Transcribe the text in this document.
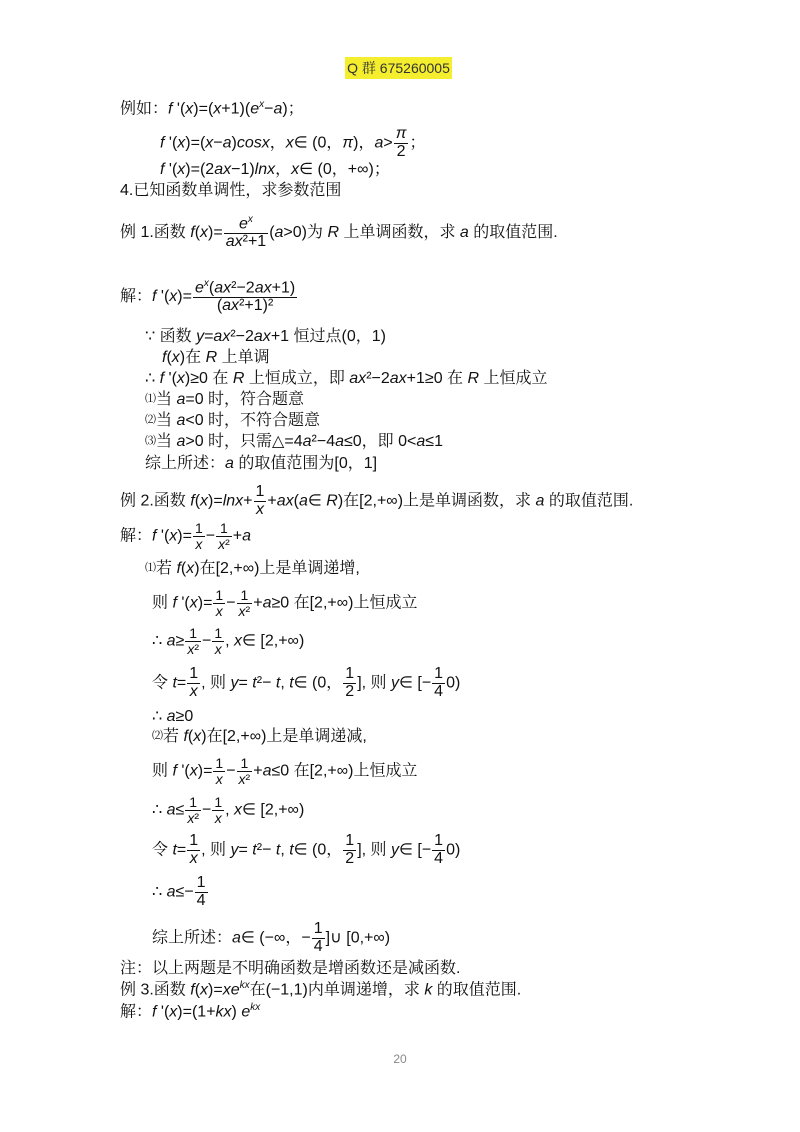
Q 群 675260005
例如：f '$(x)=(x+1)(e^x-a)$；
f '(x)=(x−a)cosx，x∈ (0，π)，$a> \frac{\pi}{2}$ ；
f '(x)=(2ax−1)lnx，x∈ (0，+∞)；
4.已知函数单调性，求参数范围
例 1.函数 $f(x)= \frac{e^x}{\text{ax²+1}} (a>0)$为 R 上单调函数，求 a 的取值范围.
解：f '$(x)= \frac{e^x(ax^2-2ax+1)}{\text{(ax²+1)²}}$
∵ 函数 y=ax²−2ax+1 恒过点(0，1)
f(x)在 R 上单调
∴ f '(x)≥0 在 R 上恒成立，即 ax²−2ax+1≥0 在 R 上恒成立
⑴当 a=0 时，符合题意
⑵当 a<0 时，不符合题意
⑶当 a>0 时，只需△=4a²−4a≤0，即 0<a≤1
综上所述：a 的取值范围为[0，1]
例 2.函数 $f(x)=\ln x+ \frac{1}{x}$ +ax(a∈ R)在[2,+∞)上是单调函数，求 a 的取值范围.
解：f '$(x)= \frac{1}{x} - \frac{1}{\text{x²}} +a$
⑴若 f(x)在[2,+∞)上是单调递增,
则 f '$(x)= \frac{1}{x} - \frac{1}{\text{x²}} +a\ge 0$ 在[2,+∞)上恒成立
∴ $a\ge \frac{1}{\text{x²}} - \frac{1}{x}$ , x∈ [2,+∞)
令 $t= \frac{1}{x}$ , 则 y= t²− t, t∈ (0， $\frac{1}{2}$ ], 则 y∈ [− $\frac{1}{4} 0$)
∴ a≥0
⑵若 f(x)在[2,+∞)上是单调递减,
则 f '$(x)= \frac{1}{x} - \frac{1}{\text{x²}} +a\le 0$ 在[2,+∞)上恒成立
∴ $a\le \frac{1}{\text{x²}} - \frac{1}{x}$ , x∈ [2,+∞)
令 $t= \frac{1}{x}$ , 则 y= t²− t, t∈ (0， $\frac{1}{2}$ ], 则 y∈ [− $\frac{1}{4} 0$)
∴ $a\le- \frac{1}{4}$
综上所述：a∈ (−∞，− $\frac{1}{4}$ ]∪ [0,+∞)
注：以上两题是不明确函数是增函数还是减函数.
例 3.函数 $f(x)=xe^{kx}$在(−1,1)内单调递增，求 k 的取值范围.
解：f '(x)=(1+kx) $e^{kx}$
20
